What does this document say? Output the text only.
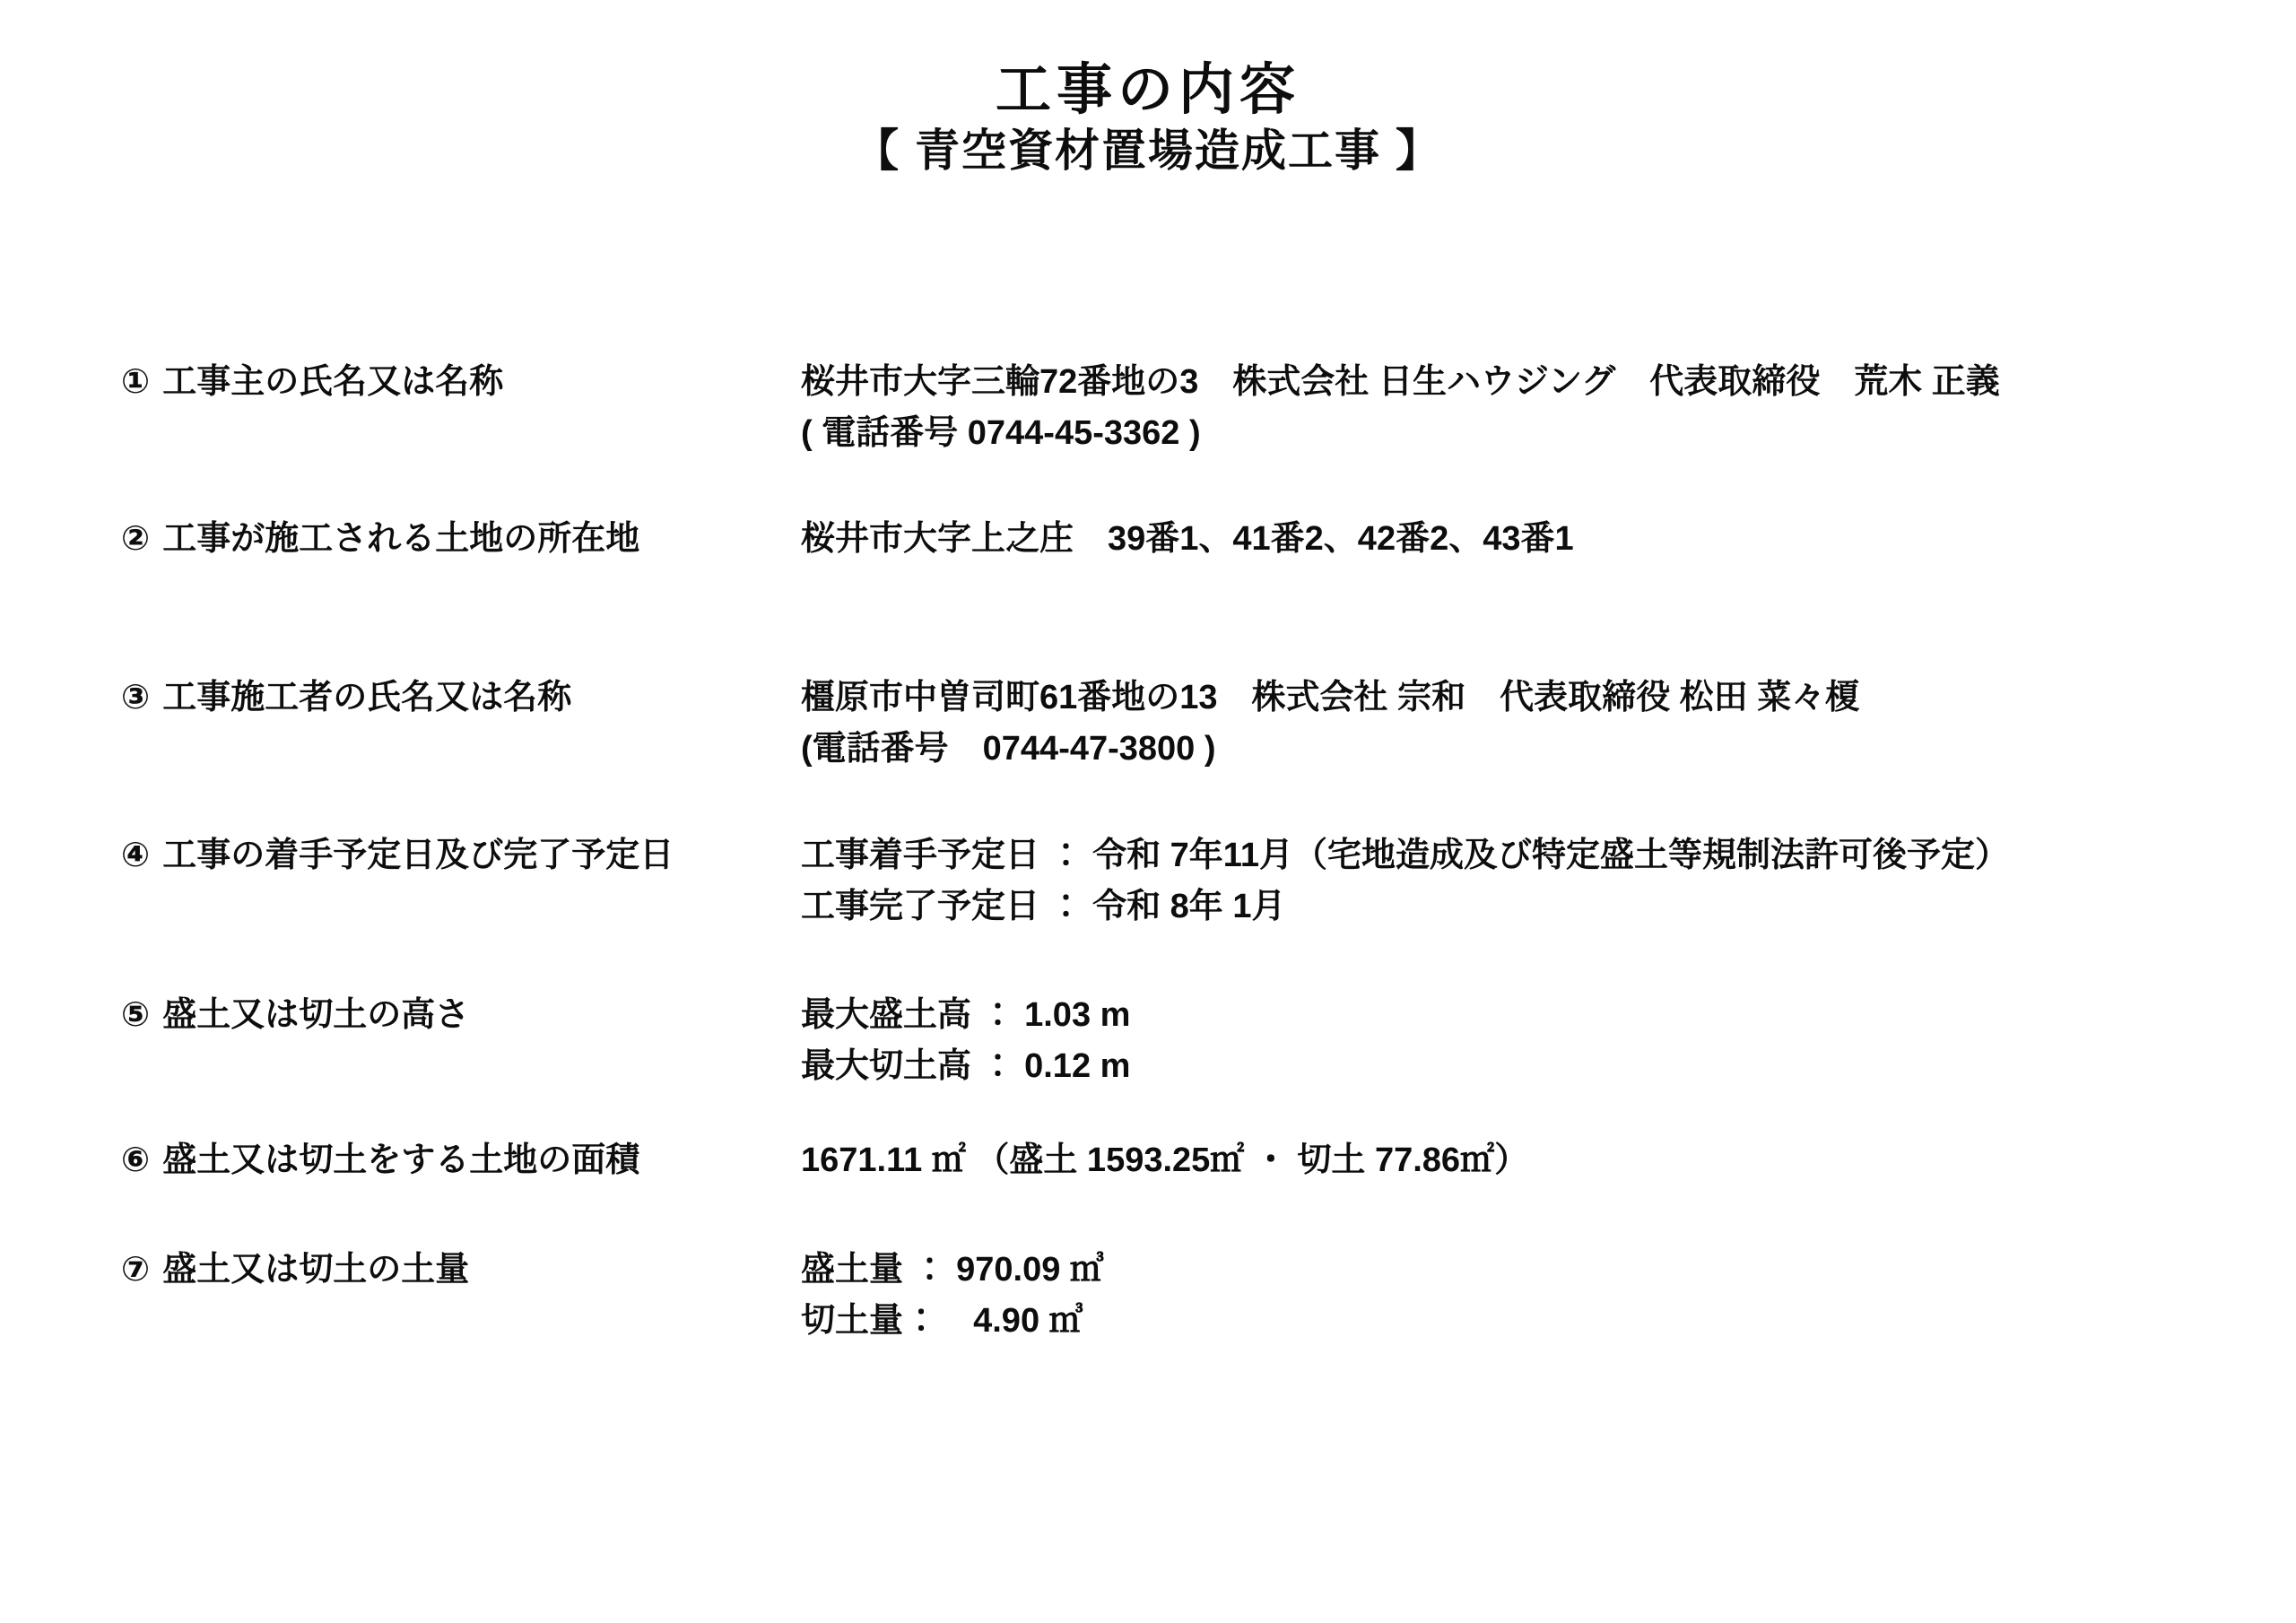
工事の内容
【 青空資材置場造成工事 】
① 工事主の氏名又は名称	桜井市大字三輪72番地の3　株式会社 日生ハウジング　代表取締役　荒木 正義
( 電話番号 0744-45-3362 )
② 工事が施工される土地の所在地	桜井市大字上之庄　39番1、41番2、42番2、43番1
③ 工事施工者の氏名又は名称	橿原市中曽司町61番地の13　株式会社 宗和　代表取締役 松田 菜々榎
(電話番号　0744-47-3800 )
④ 工事の着手予定日及び完了予定日	工事着手予定日 ： 令和 7年11月（宅地造成及び特定盛土等規制法許可後予定）
工事完了予定日 ： 令和 8年 1月
⑤ 盛土又は切土の高さ	最大盛土高 ： 1.03 m
最大切土高 ： 0.12 m
⑥ 盛土又は切土をする土地の面積	1671.11 ㎡ （盛土 1593.25㎡ ・ 切土 77.86㎡）
⑦ 盛土又は切土の土量	盛土量 ： 970.09 ㎥
切土量 ：　 4.90 ㎥
